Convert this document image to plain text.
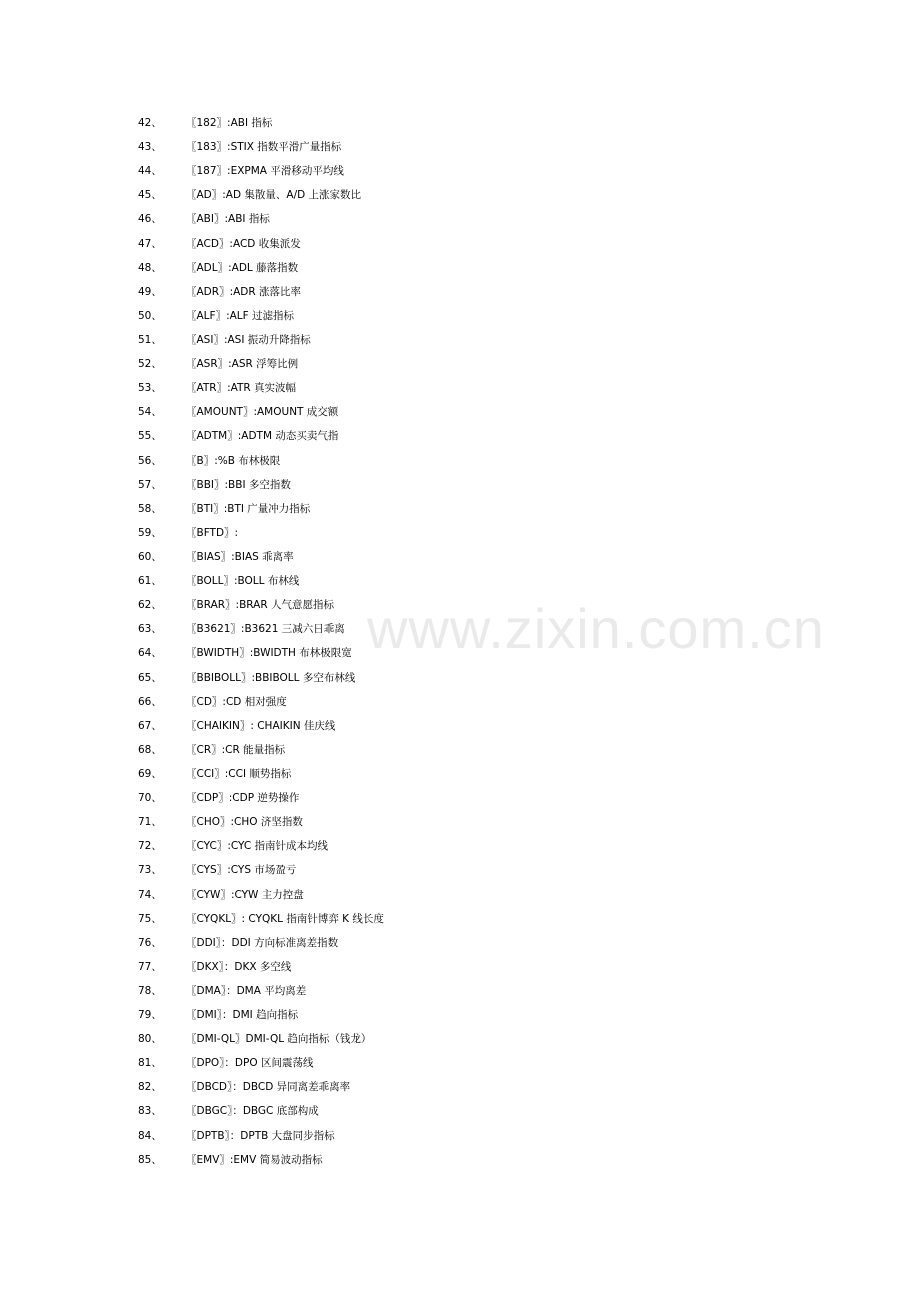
42、 〖182〗:ABI 指标
43、 〖183〗:STIX 指数平滑广量指标
44、 〖187〗:EXPMA 平滑移动平均线
45、 〖AD〗:AD 集散量、A/D 上涨家数比
46、 〖ABI〗:ABI 指标
47、 〖ACD〗:ACD 收集派发
48、 〖ADL〗:ADL 藤落指数
49、 〖ADR〗:ADR 涨落比率
50、 〖ALF〗:ALF 过滤指标
51、 〖ASI〗:ASI 振动升降指标
52、 〖ASR〗:ASR 浮筹比例
53、 〖ATR〗:ATR 真实波幅
54、 〖AMOUNT〗:AMOUNT 成交额
55、 〖ADTM〗:ADTM 动态买卖气指
56、 〖B〗:%B 布林极限
57、 〖BBI〗:BBI 多空指数
58、 〖BTI〗:BTI 广量冲力指标
59、 〖BFTD〗:
60、 〖BIAS〗:BIAS 乖离率
61、 〖BOLL〗:BOLL 布林线
62、 〖BRAR〗:BRAR 人气意愿指标
63、 〖B3621〗:B3621 三减六日乖离
64、 〖BWIDTH〗:BWIDTH 布林极限宽
65、 〖BBIBOLL〗:BBIBOLL 多空布林线
66、 〖CD〗:CD 相对强度
67、 〖CHAIKIN〗: CHAIKIN 佳庆线
68、 〖CR〗:CR 能量指标
69、 〖CCI〗:CCI 顺势指标
70、 〖CDP〗:CDP 逆势操作
71、 〖CHO〗:CHO 济坚指数
72、 〖CYC〗:CYC 指南针成本均线
73、 〖CYS〗:CYS 市场盈亏
74、 〖CYW〗:CYW 主力控盘
75、 〖CYQKL〗: CYQKL 指南针博弈 K 线长度
76、 〖DDI〗：DDI 方向标准离差指数
77、 〖DKX〗：DKX 多空线
78、 〖DMA〗：DMA 平均离差
79、 〖DMI〗：DMI 趋向指标
80、 〖DMI-QL〗DMI-QL 趋向指标（钱龙）
81、 〖DPO〗：DPO 区间震荡线
82、 〖DBCD〗：DBCD 异同离差乖离率
83、 〖DBGC〗：DBGC 底部构成
84、 〖DPTB〗：DPTB 大盘同步指标
85、 〖EMV〗:EMV 简易波动指标
www.zixin.com.cn
